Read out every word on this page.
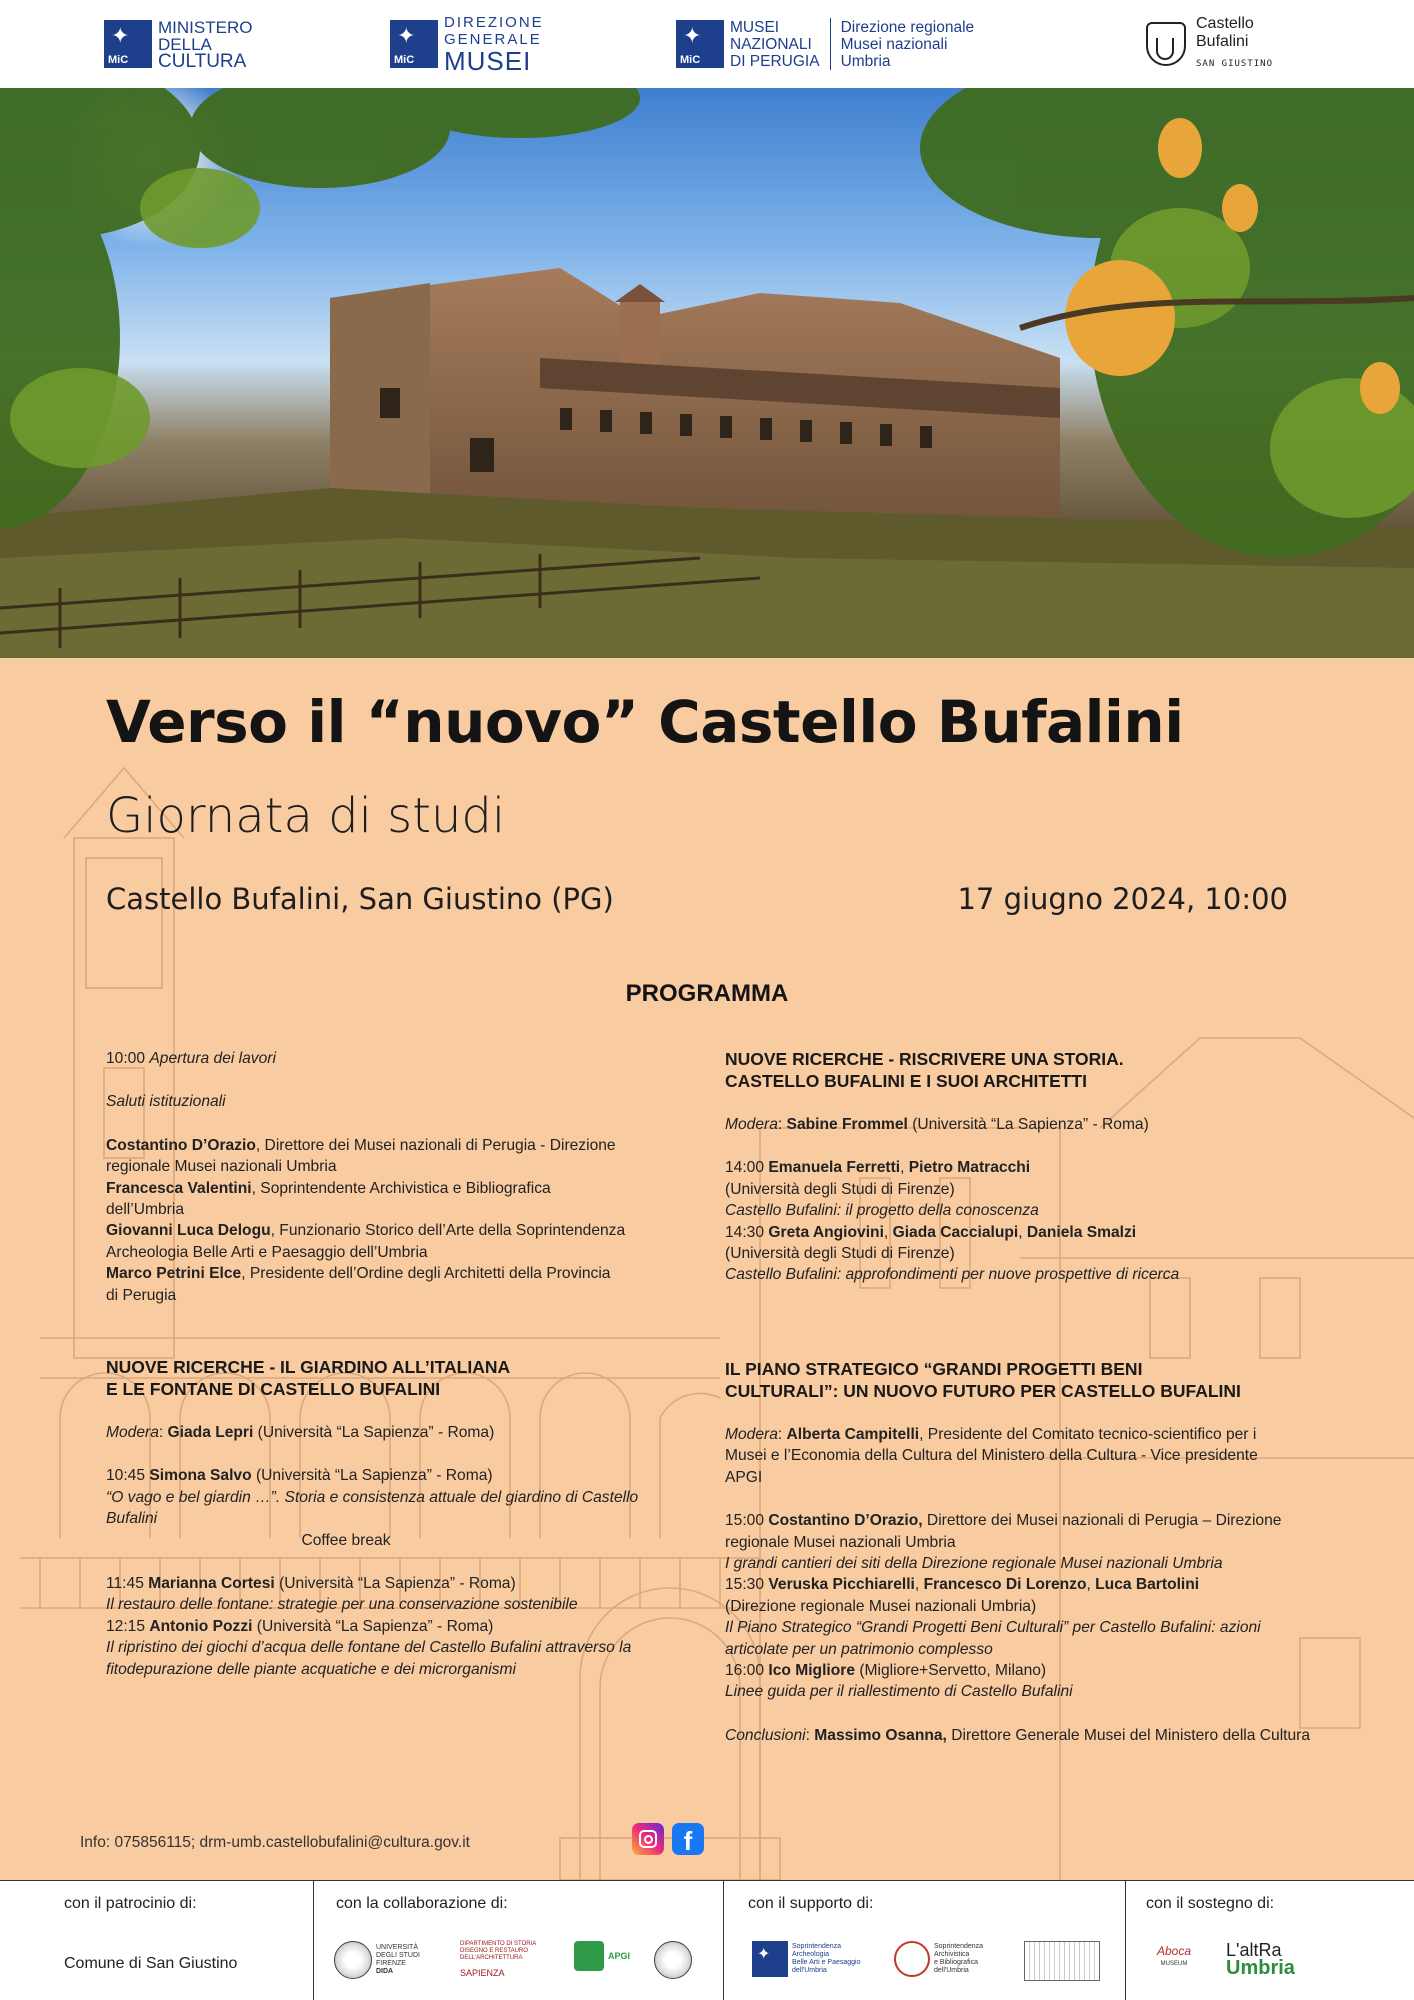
✦
MiC
MINISTERO
DELLA
CULTURA
✦
MiC
DIREZIONE
GENERALE
MUSEI
✦
MiC
MUSEI
NAZIONALI
DI PERUGIA
Direzione regionale
Musei nazionali
Umbria
Castello
Bufalini
SAN GIUSTINO
Verso il “nuovo” Castello Bufalini
Giornata di studi
Castello Bufalini, San Giustino (PG)	17 giugno 2024, 10:00
PROGRAMMA

10:00 Apertura dei lavori

Saluti istituzionali

Costantino D’Orazio, Direttore dei Musei nazionali di Perugia - Direzione regionale Musei nazionali Umbria

Francesca Valentini, Soprintendente Archivistica e Bibliografica dell’Umbria

Giovanni Luca Delogu, Funzionario Storico dell’Arte della Soprintendenza Archeologia Belle Arti e Paesaggio dell’Umbria

Marco Petrini Elce, Presidente dell’Ordine degli Architetti della Provincia di Perugia

NUOVE RICERCHE - IL GIARDINO ALL’ITALIANA

E LE FONTANE DI CASTELLO BUFALINI

Modera: Giada Lepri (Università “La Sapienza” - Roma)

10:45 Simona Salvo (Università “La Sapienza” - Roma)

“O vago e bel giardin …”. Storia e consistenza attuale del giardino di Castello Bufalini

Coffee break

11:45 Marianna Cortesi (Università “La Sapienza” - Roma)

Il restauro delle fontane: strategie per una conservazione sostenibile

12:15 Antonio Pozzi (Università “La Sapienza” - Roma)

Il ripristino dei giochi d’acqua delle fontane del Castello Bufalini attraverso la fitodepurazione delle piante acquatiche e dei microrganismi

NUOVE RICERCHE - RISCRIVERE UNA STORIA.

CASTELLO BUFALINI E I SUOI ARCHITETTI

Modera: Sabine Frommel (Università “La Sapienza” - Roma)

14:00 Emanuela Ferretti, Pietro Matracchi

(Università degli Studi di Firenze)

Castello Bufalini: il progetto della conoscenza

14:30 Greta Angiovini, Giada Caccialupi, Daniela Smalzi

(Università degli Studi di Firenze)

Castello Bufalini: approfondimenti per nuove prospettive di ricerca

IL PIANO STRATEGICO “GRANDI PROGETTI BENI

CULTURALI”: UN NUOVO FUTURO PER CASTELLO BUFALINI

Modera: Alberta Campitelli, Presidente del Comitato tecnico-scientifico per i Musei e l’Economia della Cultura del Ministero della Cultura - Vice presidente APGI

15:00 Costantino D’Orazio, Direttore dei Musei nazionali di Perugia – Direzione regionale Musei nazionali Umbria

I grandi cantieri dei siti della Direzione regionale Musei nazionali Umbria

15:30 Veruska Picchiarelli, Francesco Di Lorenzo, Luca Bartolini

(Direzione regionale Musei nazionali Umbria)

Il Piano Strategico “Grandi Progetti Beni Culturali” per Castello Bufalini: azioni articolate per un patrimonio complesso

16:00 Ico Migliore (Migliore+Servetto, Milano)

Linee guida per il riallestimento di Castello Bufalini

Conclusioni: Massimo Osanna, Direttore Generale Musei del Ministero della Cultura

Info: 075856115; drm-umb.castellobufalini@cultura.gov.it	f
con il patrocinio di:
Comune di San Giustino
con la collaborazione di:
UNIVERSITÀ
DEGLI STUDI
FIRENZE
DIDA
DIPARTIMENTO DI STORIA
DISEGNO E RESTAURO
DELL'ARCHITETTURA
SAPIENZA
APGI
con il supporto di:
✦	Soprintendenza
Archeologia
Belle Arti e Paesaggio
dell'Umbria
Soprintendenza
Archivistica
e Bibliografica
dell'Umbria
con il sostegno di:
Aboca
MUSEUM
L'altRa
Umbria
